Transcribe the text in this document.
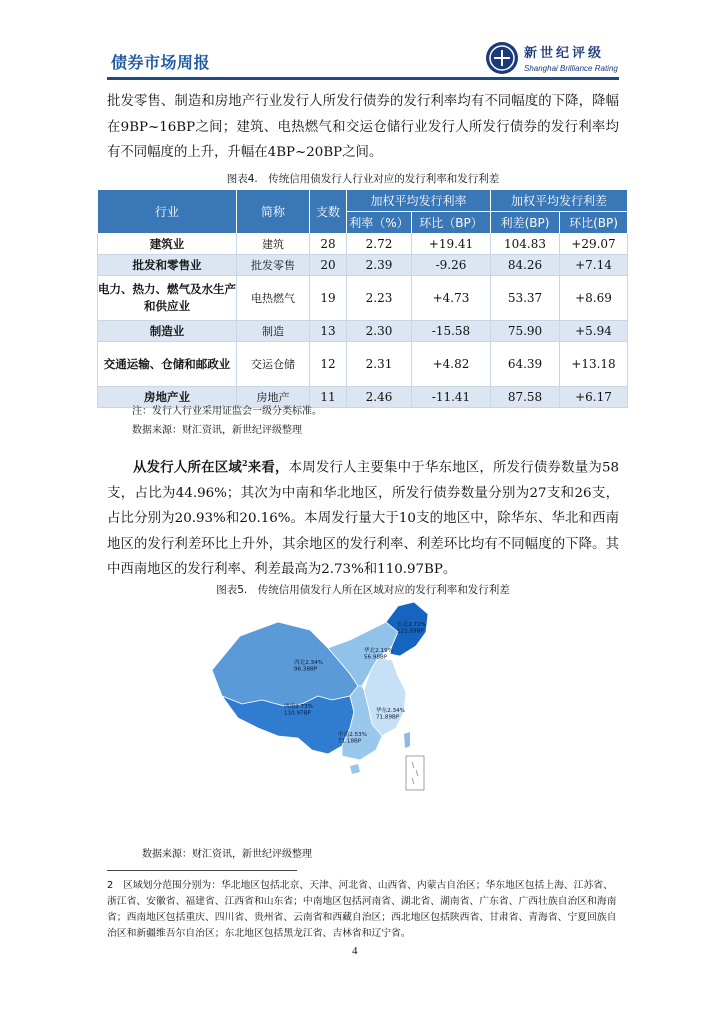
债券市场周报	新世纪评级
Shanghai Brilliance Rating
批发零售、制造和房地产行业发行人所发行债券的发行利率均有不同幅度的下降，降幅在9BP~16BP之间；建筑、电热燃气和交运仓储行业发行人所发行债券的发行利率均有不同幅度的上升，升幅在4BP~20BP之间。
图表4.　传统信用债发行人行业对应的发行利率和发行利差
行业	简称	支数	加权平均发行利率		加权平均发行利差	
			利率（%）	环比（BP）	利差(BP)	环比(BP)
建筑业	建筑	28	2.72	+19.41	104.83	+29.07
批发和零售业	批发零售	20	2.39	-9.26	84.26	+7.14
电力、热力、燃气及水生产和供应业	电热燃气	19	2.23	+4.73	53.37	+8.69
制造业	制造	13	2.30	-15.58	75.90	+5.94
交通运输、仓储和邮政业	交运仓储	12	2.31	+4.82	64.39	+13.18
房地产业	房地产	11	2.46	-11.41	87.58	+6.17
注：发行人行业采用证监会一级分类标准。
数据来源：财汇资讯，新世纪评级整理
从发行人所在区域$^2$来看，本周发行人主要集中于华东地区，所发行债券数量为58支，占比为44.96%；其次为中南和华北地区，所发行债券数量分别为27支和26支，占比分别为20.93%和20.16%。本周发行量大于10支的地区中，除华东、华北和西南地区的发行利差环比上升外，其余地区的发行利率、利差环比均有不同幅度的下降。其中西南地区的发行利率、利差最高为2.73%和110.97BP。
图表5.　传统信用债发行人所在区域对应的发行利率和发行利差
东北2.71% 121.59BP
华北2.19% 56.98BP
西北2.34% 96.38BP
西南2.73% 110.97BP	华东2.34% 71.89BP
中南2.53% 71.18BP
数据来源：财汇资讯，新世纪评级整理
2　区域划分范围分别为：华北地区包括北京、天津、河北省、山西省、内蒙古自治区；华东地区包括上海、江苏省、浙江省、安徽省、福建省、江西省和山东省；中南地区包括河南省、湖北省、湖南省、广东省、广西壮族自治区和海南省；西南地区包括重庆、四川省、贵州省、云南省和西藏自治区；西北地区包括陕西省、甘肃省、青海省、宁夏回族自治区和新疆维吾尔自治区；东北地区包括黑龙江省、吉林省和辽宁省。
4
